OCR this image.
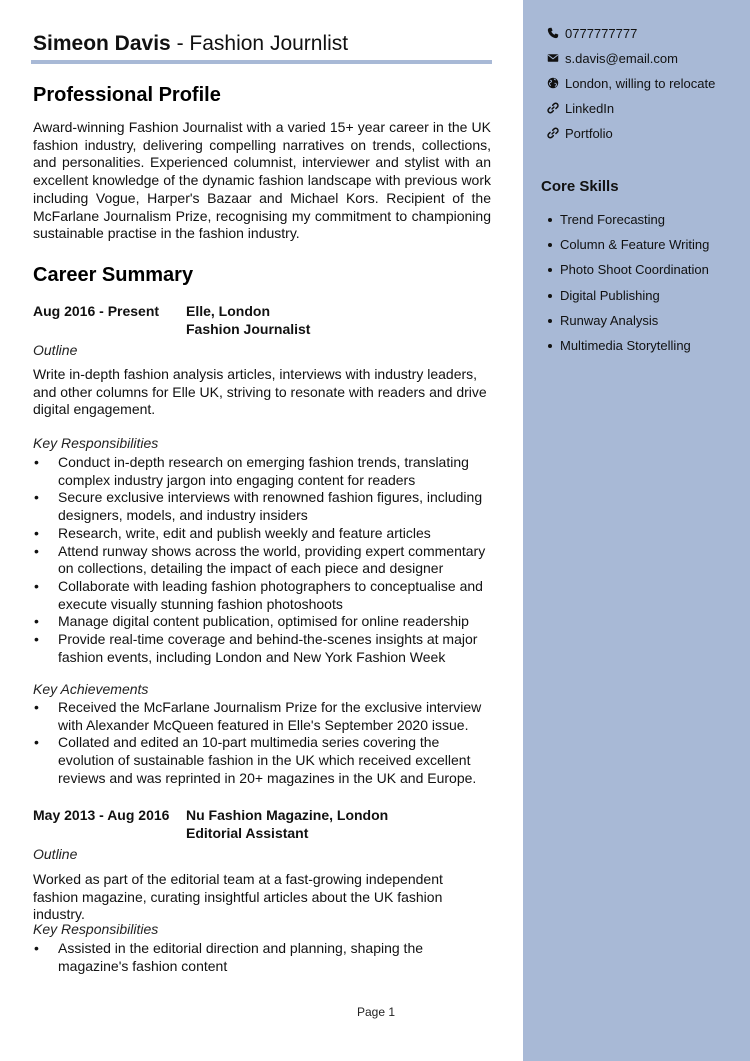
Simeon Davis - Fashion Journlist
Professional Profile

Award-winning Fashion Journalist with a varied 15+ year career in the UK fashion industry, delivering compelling narratives on trends, collections, and personalities. Experienced columnist, interviewer and stylist with an excellent knowledge of the dynamic fashion landscape with previous work including Vogue, Harper's Bazaar and Michael Kors. Recipient of the McFarlane Journalism Prize, recognising my commitment to championing sustainable practise in the fashion industry.

Career Summary
Aug 2016 - Present Elle, London
Fashion Journalist
Outline

Write in-depth fashion analysis articles, interviews with industry leaders, and other columns for Elle UK, striving to resonate with readers and drive digital engagement.

Key Responsibilities
• Conduct in-depth research on emerging fashion trends, translating complex industry jargon into engaging content for readers
• Secure exclusive interviews with renowned fashion figures, including designers, models, and industry insiders
• Research, write, edit and publish weekly and feature articles
• Attend runway shows across the world, providing expert commentary on collections, detailing the impact of each piece and designer
• Collaborate with leading fashion photographers to conceptualise and execute visually stunning fashion photoshoots
• Manage digital content publication, optimised for online readership
• Provide real-time coverage and behind-the-scenes insights at major fashion events, including London and New York Fashion Week
Key Achievements
• Received the McFarlane Journalism Prize for the exclusive interview with Alexander McQueen featured in Elle's September 2020 issue.
• Collated and edited an 10-part multimedia series covering the evolution of sustainable fashion in the UK which received excellent reviews and was reprinted in 20+ magazines in the UK and Europe.
May 2013 - Aug 2016 Nu Fashion Magazine, London
Editorial Assistant
Outline

Worked as part of the editorial team at a fast-growing independent fashion magazine, curating insightful articles about the UK fashion industry.

Key Responsibilities
• Assisted in the editorial direction and planning, shaping the magazine's fashion content
Page 1
0777777777
s.davis@email.com
London, willing to relocate
LinkedIn
Portfolio
Core Skills
Trend Forecasting
Column & Feature Writing
Photo Shoot Coordination
Digital Publishing
Runway Analysis
Multimedia Storytelling
